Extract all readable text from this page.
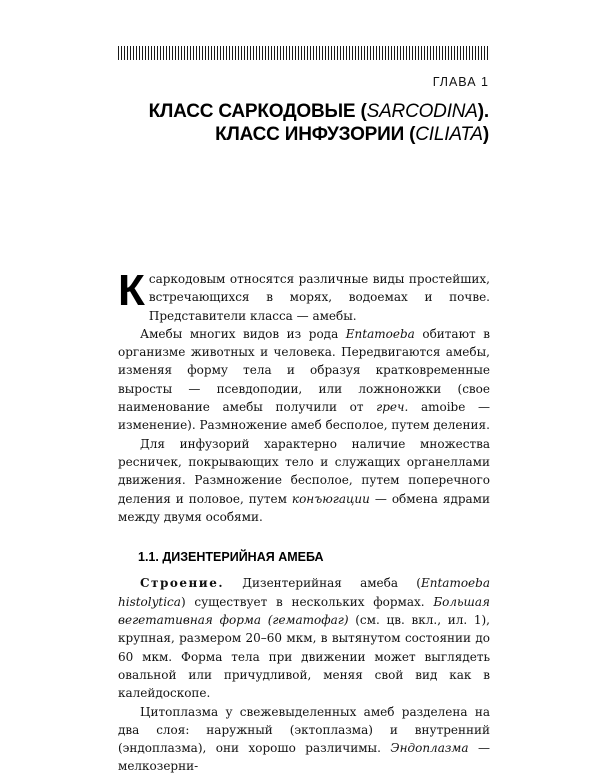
ГЛАВА 1
КЛАСС САРКОДОВЫЕ (SARCODINA).
КЛАСС ИНФУЗОРИИ (CILIATA)

К саркодовым относятся различные виды простейших, встречающихся в морях, водоемах и почве. Представители класса — амебы.

Амебы многих видов из рода Entamoeba обитают в организме животных и человека. Передвигаются амебы, изменяя форму тела и образуя кратковременные выросты — псевдоподии, или ложноножки (свое наименование амебы получили от греч. amoibe — изменение). Размножение амеб бесполое, путем деления.

Для инфузорий характерно наличие множества ресничек, покрывающих тело и служащих органеллами движения. Размножение бесполое, путем поперечного деления и половое, путем конъюгации — обмена ядрами между двумя особями.

1.1. ДИЗЕНТЕРИЙНАЯ АМЕБА

Строение. Дизентерийная амеба (Entamoeba histolytica) существует в нескольких формах. Большая вегетативная форма (гематофаг) (см. цв. вкл., ил. 1), крупная, размером 20–60 мкм, в вытянутом состоянии до 60 мкм. Форма тела при движении может выглядеть овальной или причудливой, меняя свой вид как в калейдоскопе.

Цитоплазма у свежевыделенных амеб разделена на два слоя: наружный (эктоплазма) и внутренний (эндоплазма), они хорошо различимы. Эндоплазма — мелкозерни-
